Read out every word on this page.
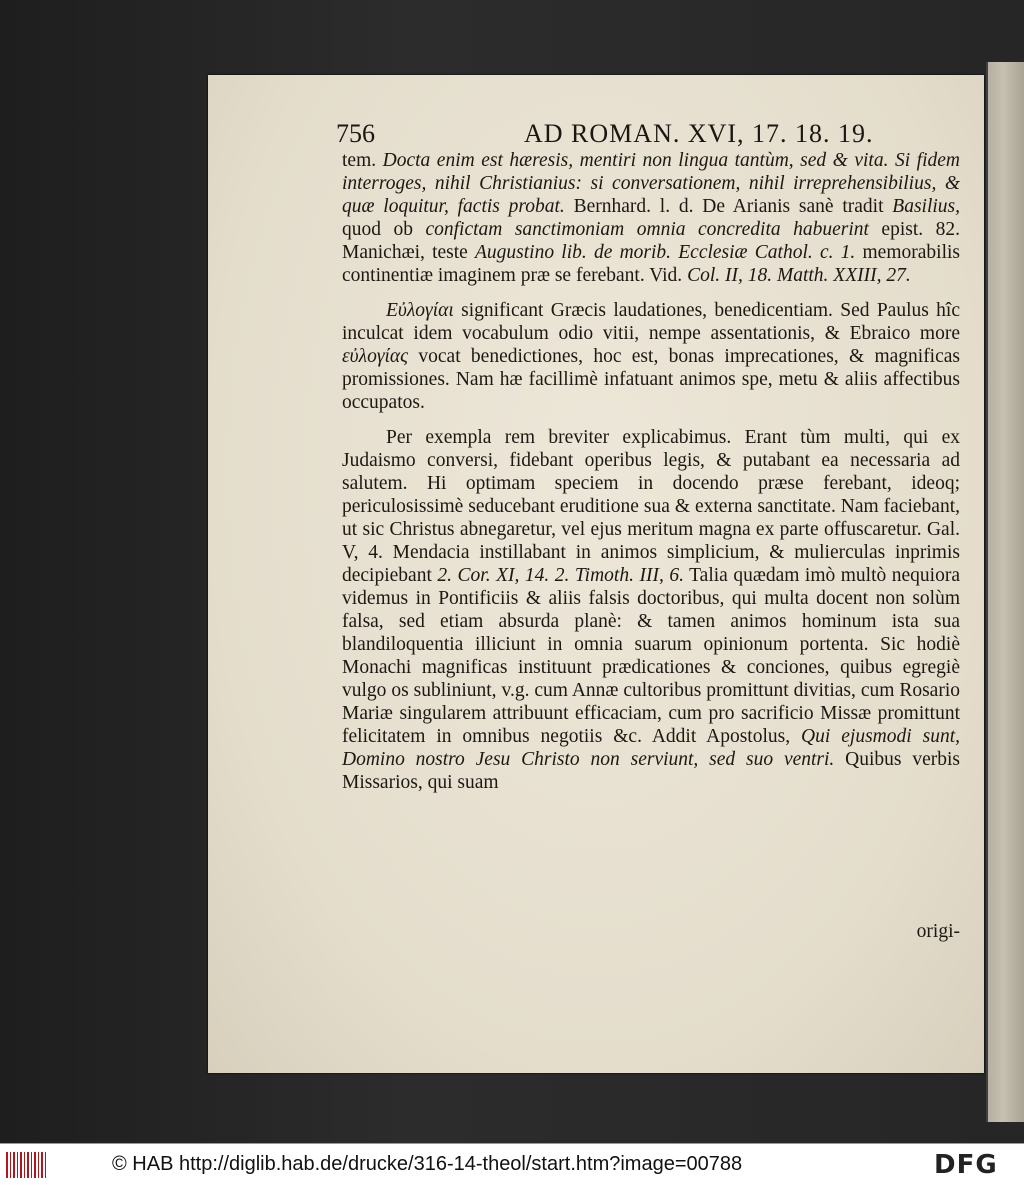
756	AD ROMAN. XVI, 17. 18. 19.

tem. Docta enim est hæresis, mentiri non lingua tantùm, sed & vita. Si fidem interroges, nihil Christianius: si conversationem, nihil irreprehensibilius, & quæ loquitur, factis probat. Bernhard. l. d. De Arianis sanè tradit Basilius, quod ob confictam sanctimoniam omnia concredita habuerint epist. 82. Manichæi, teste Augustino lib. de morib. Ecclesiæ Cathol. c. 1. memorabilis continentiæ imaginem præ se ferebant. Vid. Col. II, 18. Matth. XXIII, 27.

Εὐλογίαι significant Græcis laudationes, benedicentiam. Sed Paulus hîc inculcat idem vocabulum odio vitii, nempe assentationis, & Ebraico more εὐλογίας vocat benedictiones, hoc est, bonas imprecationes, & magnificas promissiones. Nam hæ facillimè infatuant animos spe, metu & aliis affectibus occupatos.

Per exempla rem breviter explicabimus. Erant tùm multi, qui ex Judaismo conversi, fidebant operibus legis, & putabant ea necessaria ad salutem. Hi optimam speciem in docendo præse ferebant, ideoq; periculosissimè seducebant eruditione sua & externa sanctitate. Nam faciebant, ut sic Christus abnegaretur, vel ejus meritum magna ex parte offuscaretur. Gal. V, 4. Mendacia instillabant in animos simplicium, & mulierculas inprimis decipiebant 2. Cor. XI, 14. 2. Timoth. III, 6. Talia quædam imò multò nequiora videmus in Pontificiis & aliis falsis doctoribus, qui multa docent non solùm falsa, sed etiam absurda planè: & tamen animos hominum ista sua blandiloquentia illiciunt in omnia suarum opinionum portenta. Sic hodiè Monachi magnificas instituunt prædicationes & conciones, quibus egregiè vulgo os subliniunt, v.g. cum Annæ cultoribus promittunt divitias, cum Rosario Mariæ singularem attribuunt efficaciam, cum pro sacrificio Missæ promittunt felicitatem in omnibus negotiis &c. Addit Apostolus, Qui ejusmodi sunt, Domino nostro Jesu Christo non serviunt, sed suo ventri. Quibus verbis Missarios, qui suam

origi-
© HAB http://diglib.hab.de/drucke/316-14-theol/start.htm?image=00788	DFG
